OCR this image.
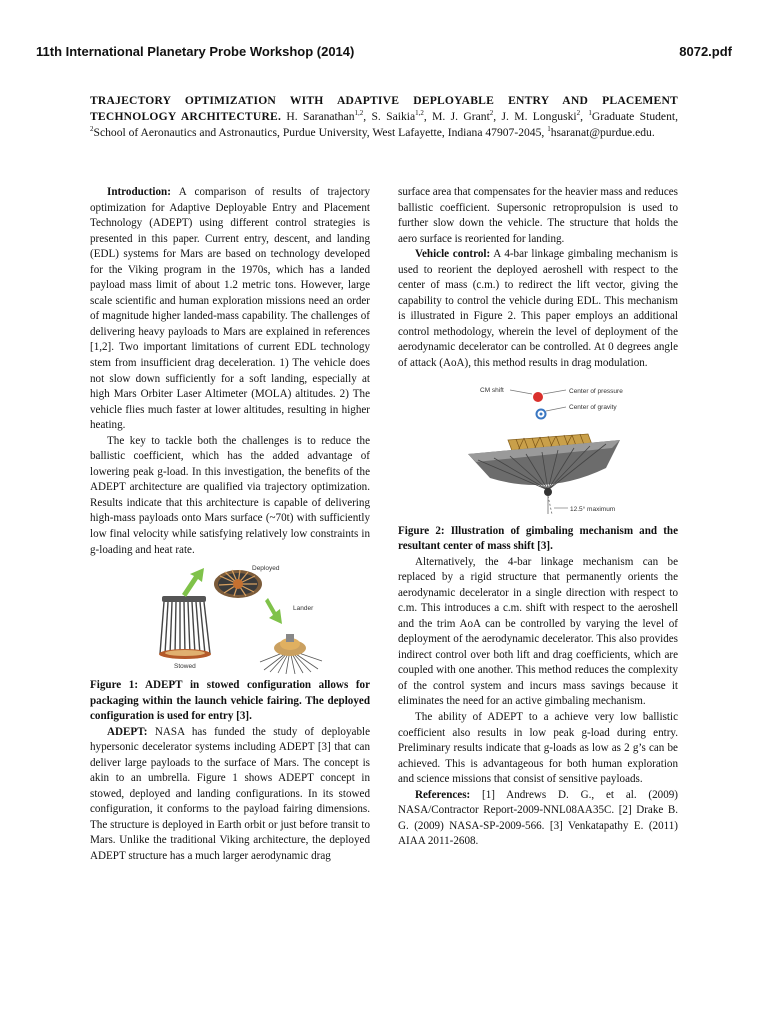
11th International Planetary Probe Workshop (2014)	8072.pdf
TRAJECTORY OPTIMIZATION WITH ADAPTIVE DEPLOYABLE ENTRY AND PLACEMENT TECHNOLOGY ARCHITECTURE. H. Saranathan$^{1,2}$, S. Saikia$^{1,2}$, M. J. Grant$^2$, J. M. Longuski$^2$, $^1$Graduate Student, $^2$School of Aeronautics and Astronautics, Purdue University, West Lafayette, Indiana 47907-2045, $^1$hsaranat@purdue.edu.

Introduction: A comparison of results of trajectory optimization for Adaptive Deployable Entry and Placement Technology (ADEPT) using different control strategies is presented in this paper. Current entry, descent, and landing (EDL) systems for Mars are based on technology developed for the Viking program in the 1970s, which has a landed payload mass limit of about 1.2 metric tons. However, large scale scientific and human exploration missions need an order of magnitude higher landed-mass capability. The challenges of delivering heavy payloads to Mars are explained in references [1,2]. Two important limitations of current EDL technology stem from insufficient drag deceleration. 1) The vehicle does not slow down sufficiently for a soft landing, especially at high Mars Orbiter Laser Altimeter (MOLA) altitudes. 2) The vehicle flies much faster at lower altitudes, resulting in higher heating.

The key to tackle both the challenges is to reduce the ballistic coefficient, which has the added advantage of lowering peak g-load. In this investigation, the benefits of the ADEPT architecture are qualified via trajectory optimization. Results indicate that this architecture is capable of delivering high-mass payloads onto Mars surface (~70t) with sufficiently low final velocity while satisfying relatively low constraints in g-loading and heat rate.

Deployed
Lander
Stowed

Figure 1: ADEPT in stowed configuration allows for packaging within the launch vehicle fairing. The deployed configuration is used for entry [3].

ADEPT: NASA has funded the study of deployable hypersonic decelerator systems including ADEPT [3] that can deliver large payloads to the surface of Mars. The concept is akin to an umbrella. Figure 1 shows ADEPT concept in stowed, deployed and landing configurations. In its stowed configuration, it conforms to the payload fairing dimensions. The structure is deployed in Earth orbit or just before transit to Mars. Unlike the traditional Viking architecture, the deployed ADEPT structure has a much larger aerodynamic drag

surface area that compensates for the heavier mass and reduces ballistic coefficient. Supersonic retropropulsion is used to further slow down the vehicle. The structure that holds the aero surface is reoriented for landing.

Vehicle control: A 4-bar linkage gimbaling mechanism is used to reorient the deployed aeroshell with respect to the center of mass (c.m.) to redirect the lift vector, giving the capability to control the vehicle during EDL. This mechanism is illustrated in Figure 2. This paper employs an additional control methodology, wherein the level of deployment of the aerodynamic decelerator can be controlled. At 0 degrees angle of attack (AoA), this method results in drag modulation.

CM shift	Center of pressure
Center of gravity
12.5° maximum

Figure 2: Illustration of gimbaling mechanism and the resultant center of mass shift [3].

Alternatively, the 4-bar linkage mechanism can be replaced by a rigid structure that permanently orients the aerodynamic decelerator in a single direction with respect to c.m. This introduces a c.m. shift with respect to the aeroshell and the trim AoA can be controlled by varying the level of deployment of the aerodynamic decelerator. This also provides indirect control over both lift and drag coefficients, which are coupled with one another. This method reduces the complexity of the control system and incurs mass savings because it eliminates the need for an active gimbaling mechanism.

The ability of ADEPT to a achieve very low ballistic coefficient also results in low peak g-load during entry. Preliminary results indicate that g-loads as low as 2 g’s can be achieved. This is advantageous for both human exploration and science missions that consist of sensitive payloads.

References: [1] Andrews D. G., et al. (2009) NASA/Contractor Report-2009-NNL08AA35C. [2] Drake B. G. (2009) NASA-SP-2009-566. [3] Venkatapathy E. (2011) AIAA 2011-2608.
